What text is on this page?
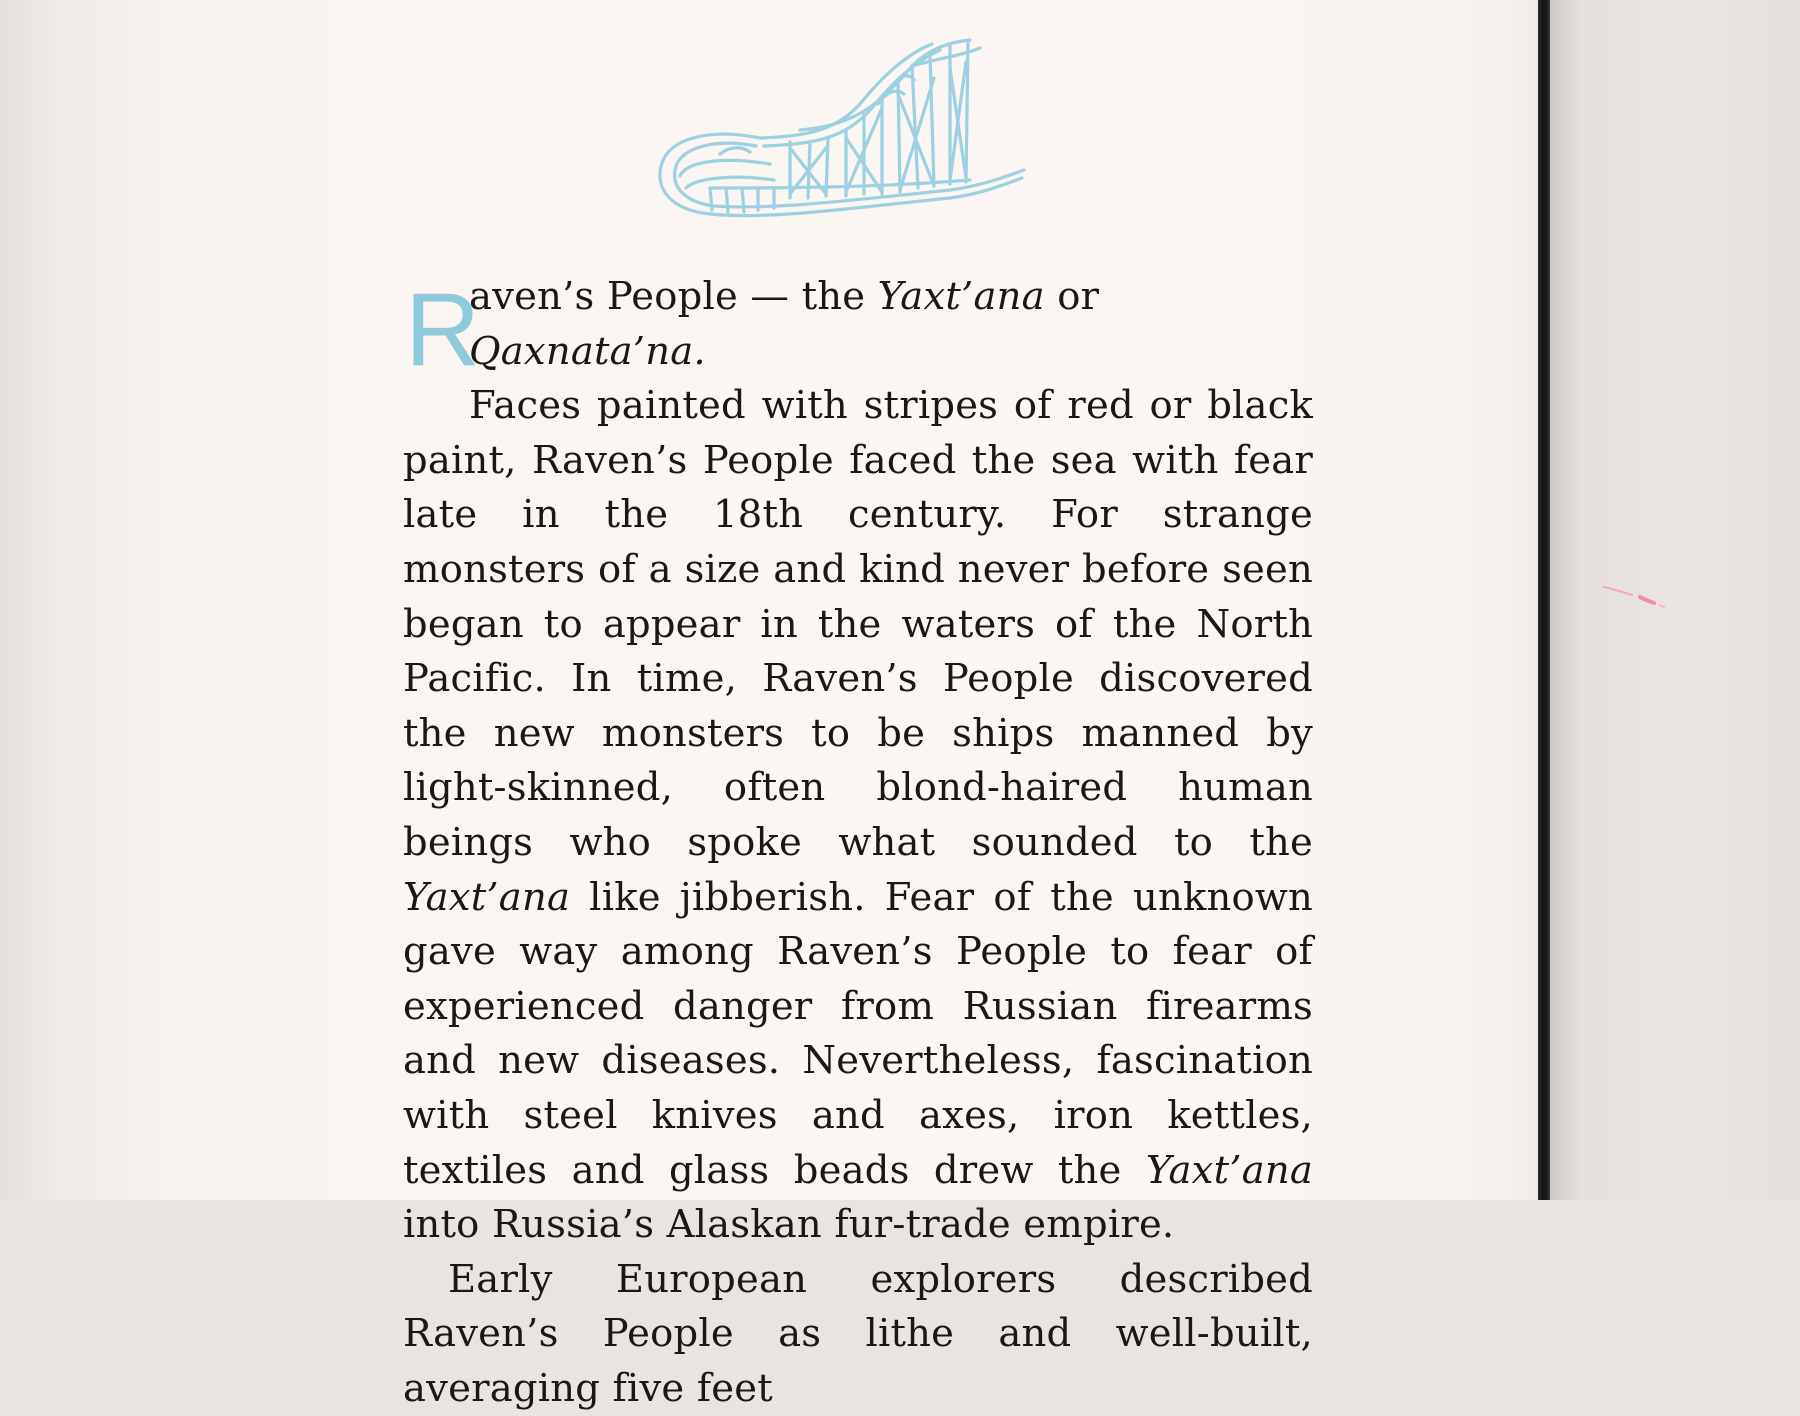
R
aven’s People — the Yaxt’ana or Qaxnata’na.
Faces painted with stripes of red or black paint, Raven’s People faced the sea with fear late in the 18th century. For strange monsters of a size and kind never before seen began to appear in the waters of the North Pacific. In time, Raven’s People discovered the new monsters to be ships manned by light-skinned, often blond-haired human beings who spoke what sounded to the Yaxt’ana like jibberish. Fear of the unknown gave way among Raven’s People to fear of experienced danger from Russian firearms and new diseases. Nevertheless, fascination with steel knives and axes, iron kettles, textiles and glass beads drew the Yaxt’ana into Russia’s Alaskan fur-trade empire.

Early European explorers described Raven’s People as lithe and well-built, averaging five feet
